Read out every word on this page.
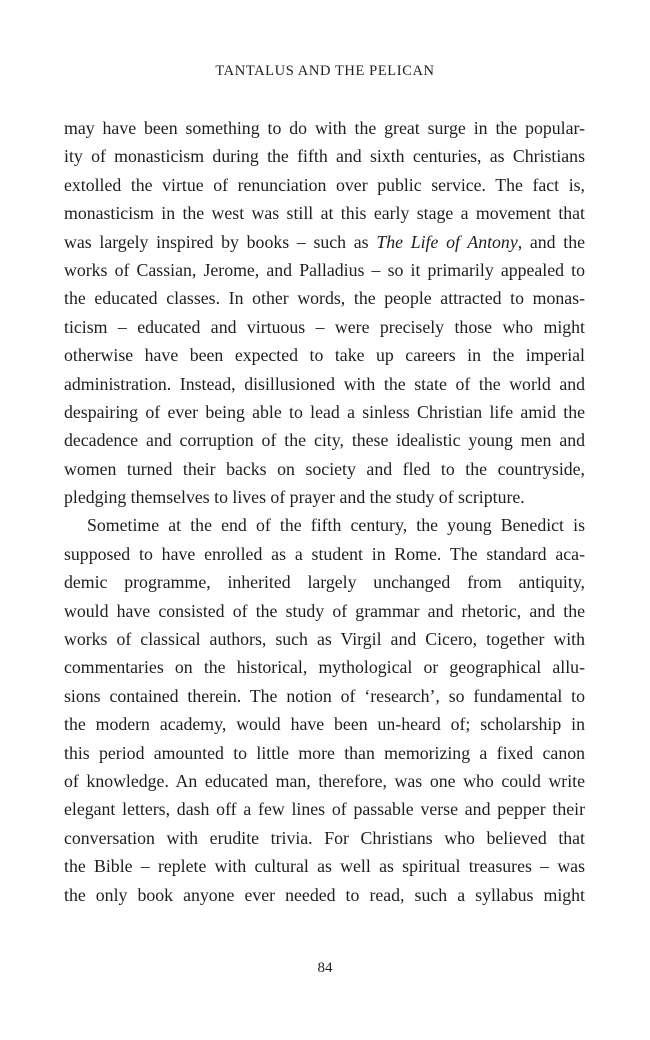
TANTALUS AND THE PELICAN
may have been something to do with the great surge in the popular-
ity of monasticism during the fifth and sixth centuries, as Christians
extolled the virtue of renunciation over public service. The fact is,
monasticism in the west was still at this early stage a movement that
was largely inspired by books – such as The Life of Antony, and the
works of Cassian, Jerome, and Palladius – so it primarily appealed to
the educated classes. In other words, the people attracted to monas-
ticism – educated and virtuous – were precisely those who might
otherwise have been expected to take up careers in the imperial
administration. Instead, disillusioned with the state of the world and
despairing of ever being able to lead a sinless Christian life amid the
decadence and corruption of the city, these idealistic young men and
women turned their backs on society and fled to the countryside,
pledging themselves to lives of prayer and the study of scripture.
Sometime at the end of the fifth century, the young Benedict is
supposed to have enrolled as a student in Rome. The standard aca-
demic programme, inherited largely unchanged from antiquity,
would have consisted of the study of grammar and rhetoric, and the
works of classical authors, such as Virgil and Cicero, together with
commentaries on the historical, mythological or geographical allu-
sions contained therein. The notion of ‘research’, so fundamental to
the modern academy, would have been un-heard of; scholarship in
this period amounted to little more than memorizing a fixed canon
of knowledge. An educated man, therefore, was one who could write
elegant letters, dash off a few lines of passable verse and pepper their
conversation with erudite trivia. For Christians who believed that
the Bible – replete with cultural as well as spiritual treasures – was
the only book anyone ever needed to read, such a syllabus might
84
